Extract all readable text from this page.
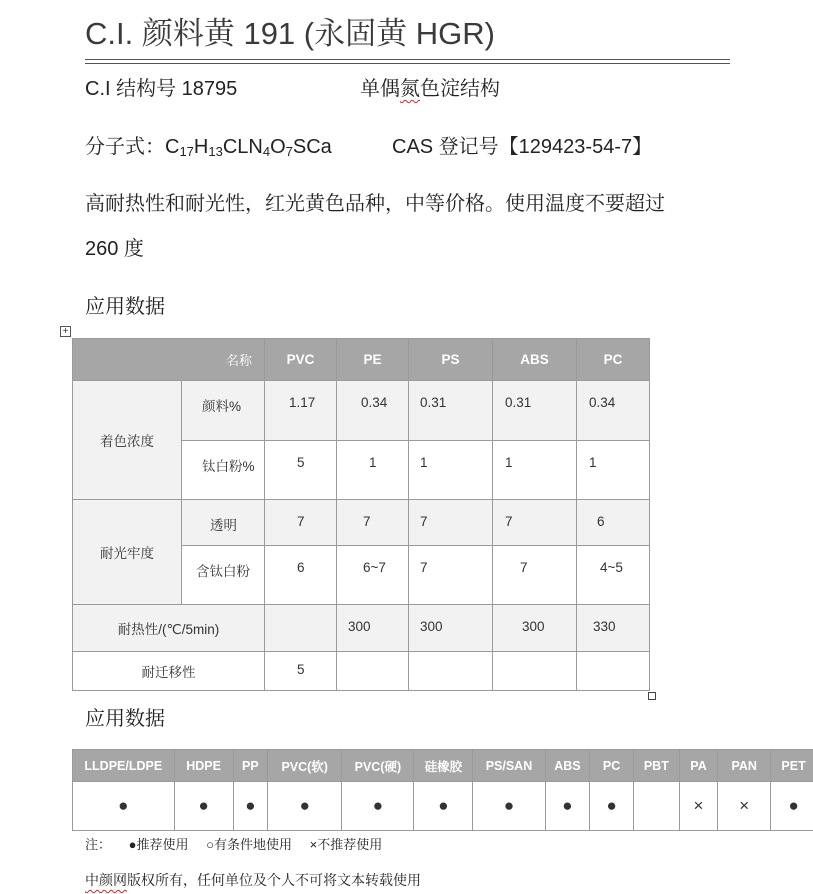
C.I. 颜料黄 191 (永固黄 HGR)
C.I 结构号 18795	单偶氮色淀结构
分子式：$C_{17}H_{13}CLN_4O_7SCa$	CAS 登记号【129423-54-7】
高耐热性和耐光性，红光黄色品种，中等价格。使用温度不要超过
260 度
应用数据
+
名称		PVC	PE	PS	ABS	PC
着色浓度	颜料%	1.17	0.34	0.31	0.31	0.34
	钛白粉%	5	1	1	1	1
耐光牢度	透明	7	7	7	7	6
	含钛白粉	6	6~7	7	7	4~5
耐热性/(℃/5min)			300	300	300	330
耐迁移性		5				
应用数据
LLDPE/LDPE	HDPE	PP	PVC(软)	PVC(硬)	硅橡胶	PS/SAN	ABS	PC	PBT	PA	PAN	PET
●	●	●	●	●	●	●	●	●		×	×	●
注： ●推荐使用 ○有条件地使用 ×不推荐使用
中颜网版权所有，任何单位及个人不可将文本转载使用
